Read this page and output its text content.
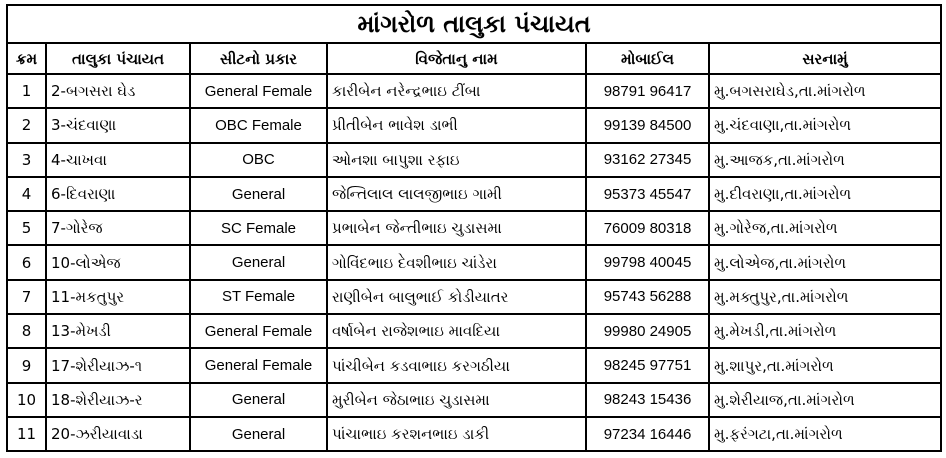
માંગરોળ તાલુકા પંચાયત					
ક્રમ	તાલુકા પંચાયત	સીટનો પ્રકાર	વિજેતાનુ નામ	મોબાઈલ	સરનામું
1	2-બગસરા ઘેડ	General Female	કારીબેન નરેન્દ્રભાઇ ટીંબા	98791 96417	મુ.બગસરાઘેડ,તા.માંગરોળ
2	3-ચંદવાણા	OBC Female	પ્રીતીબેન ભાવેશ ડાભી	99139 84500	મુ.ચંદવાણા,તા.માંગરોળ
3	4-ચાખવા	OBC	ઓનશા બાપુશા રફાઇ	93162 27345	મુ.આજક,તા.માંગરોળ
4	6-દિવરાણા	General	જેન્તિલાલ લાલજીભાઇ ગામી	95373 45547	મુ.દીવરાણા,તા.માંગરોળ
5	7-ગોરેજ	SC Female	પ્રભાબેન જેન્તીભાઇ ચુડાસમા	76009 80318	મુ.ગોરેજ,તા.માંગરોળ
6	10-લોએજ	General	ગોવિંદભાઇ દેવશીભાઇ ચાંડેરા	99798 40045	મુ.લોએજ,તા.માંગરોળ
7	11-મકતુપુર	ST Female	રાણીબેન બાલુભાઈ કોડીયાતર	95743 56288	મુ.મક્તુપુર,તા.માંગરોળ
8	13-મેખડી	General Female	વર્ષાબેન રાજેશભાઇ માવદિયા	99980 24905	મુ.મેખડી,તા.માંગરોળ
9	17-શેરીયાઝ-૧	General Female	પાંચીબેન કડવાભાઇ કરગઠીયા	98245 97751	મુ.શાપુર,તા.માંગરોળ
10	18-શેરીયાઝ-ર	General	મુરીબેન જેઠાભાઇ ચુડાસમા	98243 15436	મુ.શેરીયાજ,તા.માંગરોળ
11	20-ઝરીયાવાડા	General	પાંચાભાઇ કરશનભાઇ ડાકી	97234 16446	મુ.ફરંગટા,તા.માંગરોળ
